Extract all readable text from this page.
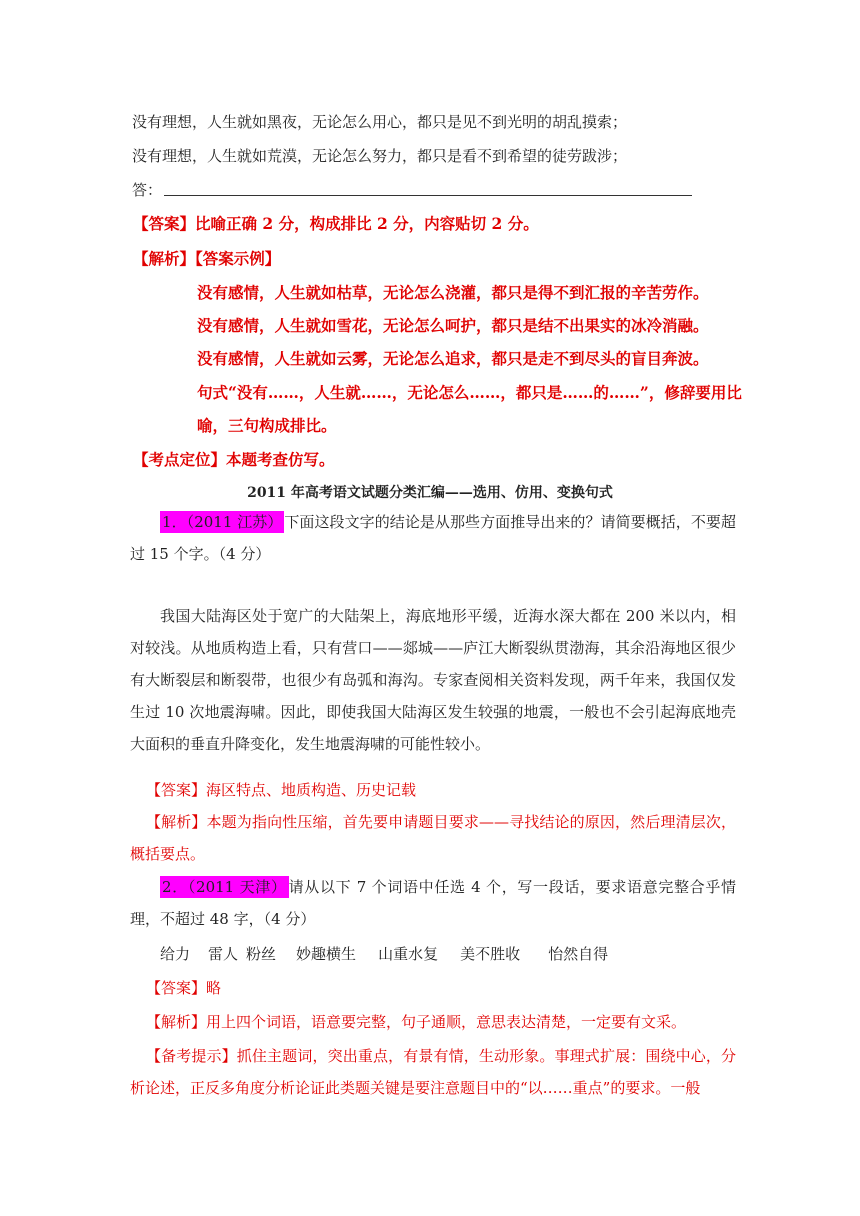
没有理想，人生就如黑夜，无论怎么用心，都只是见不到光明的胡乱摸索；
没有理想，人生就如荒漠，无论怎么努力，都只是看不到希望的徒劳跋涉；
答：
【答案】比喻正确 2 分，构成排比 2 分，内容贴切 2 分。
【解析】【答案示例】
没有感情，人生就如枯草，无论怎么浇灌，都只是得不到汇报的辛苦劳作。
没有感情，人生就如雪花，无论怎么呵护，都只是结不出果实的冰冷消融。
没有感情，人生就如云雾，无论怎么追求，都只是走不到尽头的盲目奔波。
句式“没有……，人生就……，无论怎么……，都只是……的……”，修辞要用比
喻，三句构成排比。
【考点定位】本题考查仿写。
2011 年高考语文试题分类汇编——选用、仿用、变换句式
1．（2011 江苏） 下面这段文字的结论是从那些方面推导出来的？请简要概括，不要超过 15 个字。（4 分）
我国大陆海区处于宽广的大陆架上，海底地形平缓，近海水深大都在 200 米以内，相对较浅。从地质构造上看，只有营口——郯城——庐江大断裂纵贯渤海，其余沿海地区很少有大断裂层和断裂带，也很少有岛弧和海沟。专家查阅相关资料发现，两千年来，我国仅发生过 10 次地震海啸。因此，即使我国大陆海区发生较强的地震，一般也不会引起海底地壳大面积的垂直升降变化，发生地震海啸的可能性较小。
【答案】海区特点、地质构造、历史记载
【解析】本题为指向性压缩，首先要申请题目要求——寻找结论的原因，然后理清层次，概括要点。
2．（2011 天津） 请从以下 7 个词语中任选 4 个，写一段话，要求语意完整合乎情理，不超过 48 字，（4 分）
给力 雷人 粉丝 妙趣横生 山重水复 美不胜收 怡然自得
【答案】略
【解析】用上四个词语，语意要完整，句子通顺，意思表达清楚，一定要有文采。
【备考提示】抓住主题词，突出重点，有景有情，生动形象。事理式扩展：围绕中心，分析论述，正反多角度分析论证此类题关键是要注意题目中的“以……重点”的要求。一般
